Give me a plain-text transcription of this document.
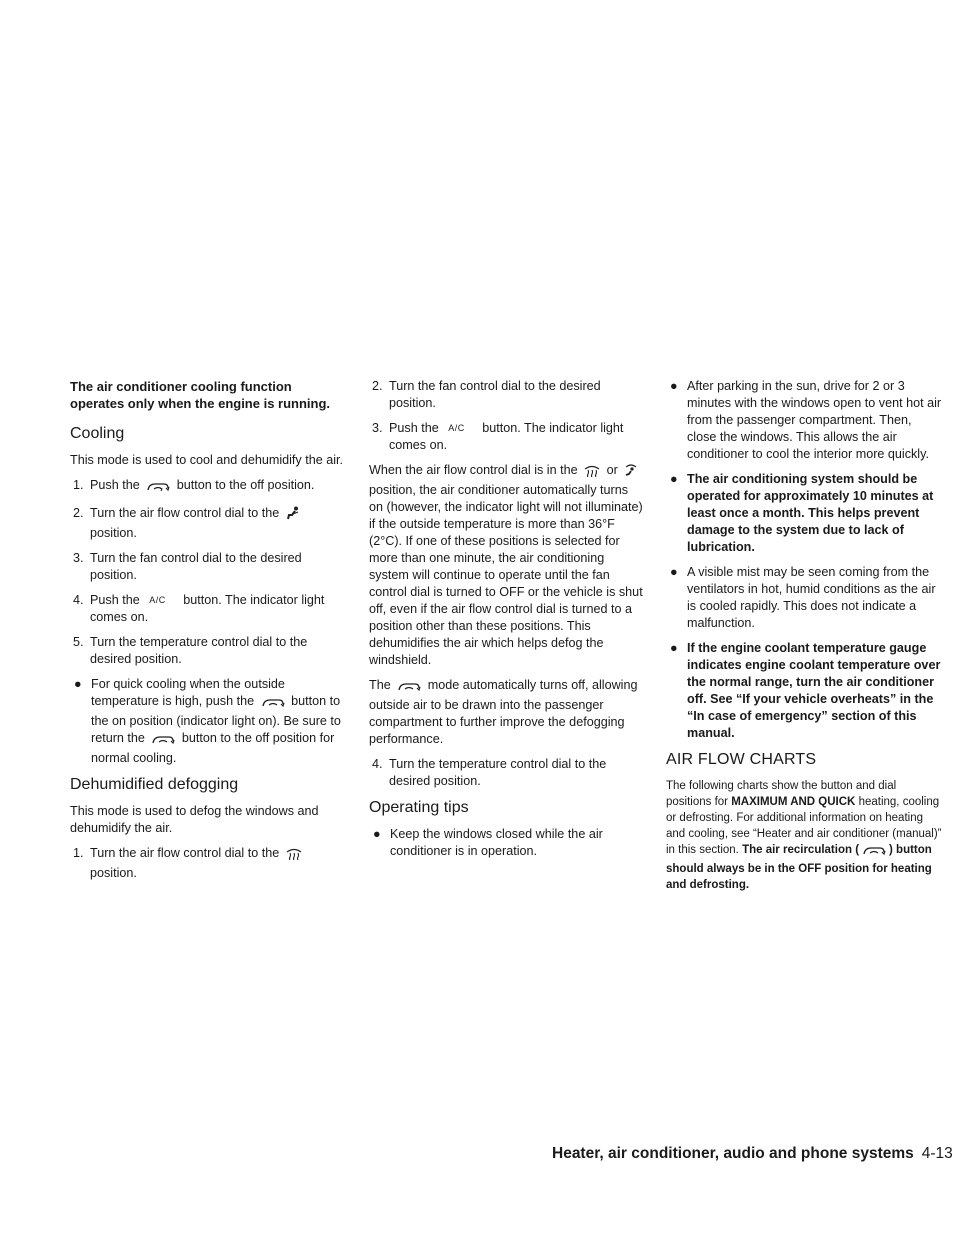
The air conditioner cooling function operates only when the engine is running.

Cooling

This mode is used to cool and dehumidify the air.

1. Push the	button to the off position.
2. Turn the air flow control dial to the  position.
3. Turn the fan control dial to the desired position.
4. Push the A/C button. The indicator light comes on.
5. Turn the temperature control dial to the desired position.
● For quick cooling when the outside temperature is high, push the	button to the on position (indicator light on). Be sure to return the	button to the off position for normal cooling.
Dehumidified defogging

This mode is used to defog the windows and dehumidify the air.

1. Turn the air flow control dial to the  position.
2. Turn the fan control dial to the desired position.
3. Push the A/C button. The indicator light comes on.

When the air flow control dial is in the or  position, the air conditioner automatically turns on (however, the indicator light will not illuminate) if the outside temperature is more than 36°F (2°C). If one of these positions is selected for more than one minute, the air conditioning system will continue to operate until the fan control dial is turned to OFF or the vehicle is shut off, even if the air flow control dial is turned to a position other than these positions. This dehumidifies the air which helps defog the windshield.

The	mode automatically turns off, allowing outside air to be drawn into the passenger compartment to further improve the defogging performance.

4. Turn the temperature control dial to the desired position.
Operating tips
● Keep the windows closed while the air conditioner is in operation.
● After parking in the sun, drive for 2 or 3 minutes with the windows open to vent hot air from the passenger compartment. Then, close the windows. This allows the air conditioner to cool the interior more quickly.
● The air conditioning system should be operated for approximately 10 minutes at least once a month. This helps prevent damage to the system due to lack of lubrication.
● A visible mist may be seen coming from the ventilators in hot, humid conditions as the air is cooled rapidly. This does not indicate a malfunction.
● If the engine coolant temperature gauge indicates engine coolant temperature over the normal range, turn the air conditioner off. See “If your vehicle overheats” in the “In case of emergency” section of this manual.
AIR FLOW CHARTS

The following charts show the button and dial positions for MAXIMUM AND QUICK heating, cooling or defrosting. For additional information on heating and cooling, see “Heater and air conditioner (manual)” in this section. The air recirculation (	) button should always be in the OFF position for heating and defrosting.

Heater, air conditioner, audio and phone systems 4-13
